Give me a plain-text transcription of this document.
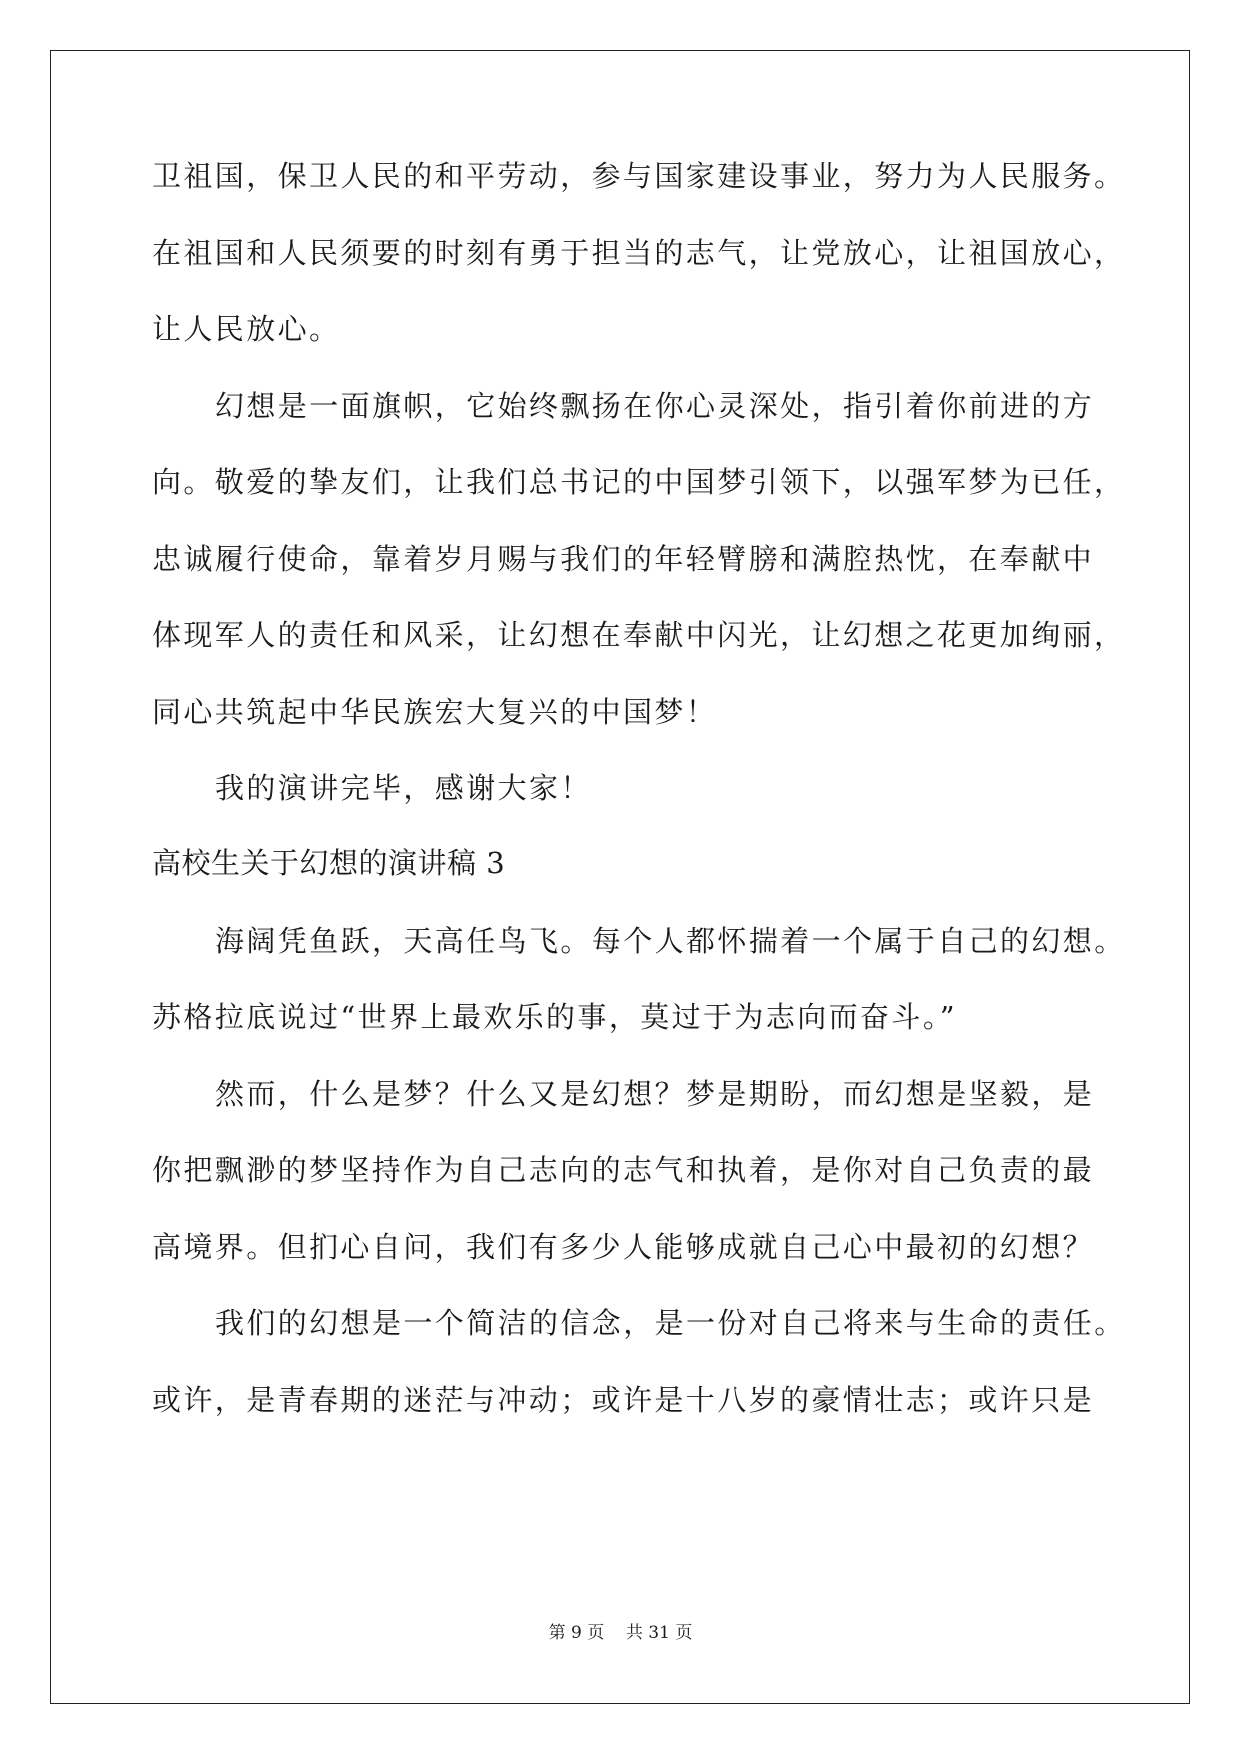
卫祖国，保卫人民的和平劳动，参与国家建设事业，努力为人民服务。
在祖国和人民须要的时刻有勇于担当的志气，让党放心，让祖国放心，
让人民放心。
幻想是一面旗帜，它始终飘扬在你心灵深处，指引着你前进的方
向。敬爱的挚友们，让我们总书记的中国梦引领下，以强军梦为已任，
忠诚履行使命，靠着岁月赐与我们的年轻臂膀和满腔热忱，在奉献中
体现军人的责任和风采，让幻想在奉献中闪光，让幻想之花更加绚丽，
同心共筑起中华民族宏大复兴的中国梦！
我的演讲完毕，感谢大家！
高校生关于幻想的演讲稿 3
海阔凭鱼跃，天高任鸟飞。每个人都怀揣着一个属于自己的幻想。
苏格拉底说过“世界上最欢乐的事，莫过于为志向而奋斗。”
然而，什么是梦？什么又是幻想？梦是期盼，而幻想是坚毅，是
你把飘渺的梦坚持作为自己志向的志气和执着，是你对自己负责的最
高境界。但扪心自问，我们有多少人能够成就自己心中最初的幻想？
我们的幻想是一个简洁的信念，是一份对自己将来与生命的责任。
或许，是青春期的迷茫与冲动；或许是十八岁的豪情壮志；或许只是
第 9 页    共 31 页
